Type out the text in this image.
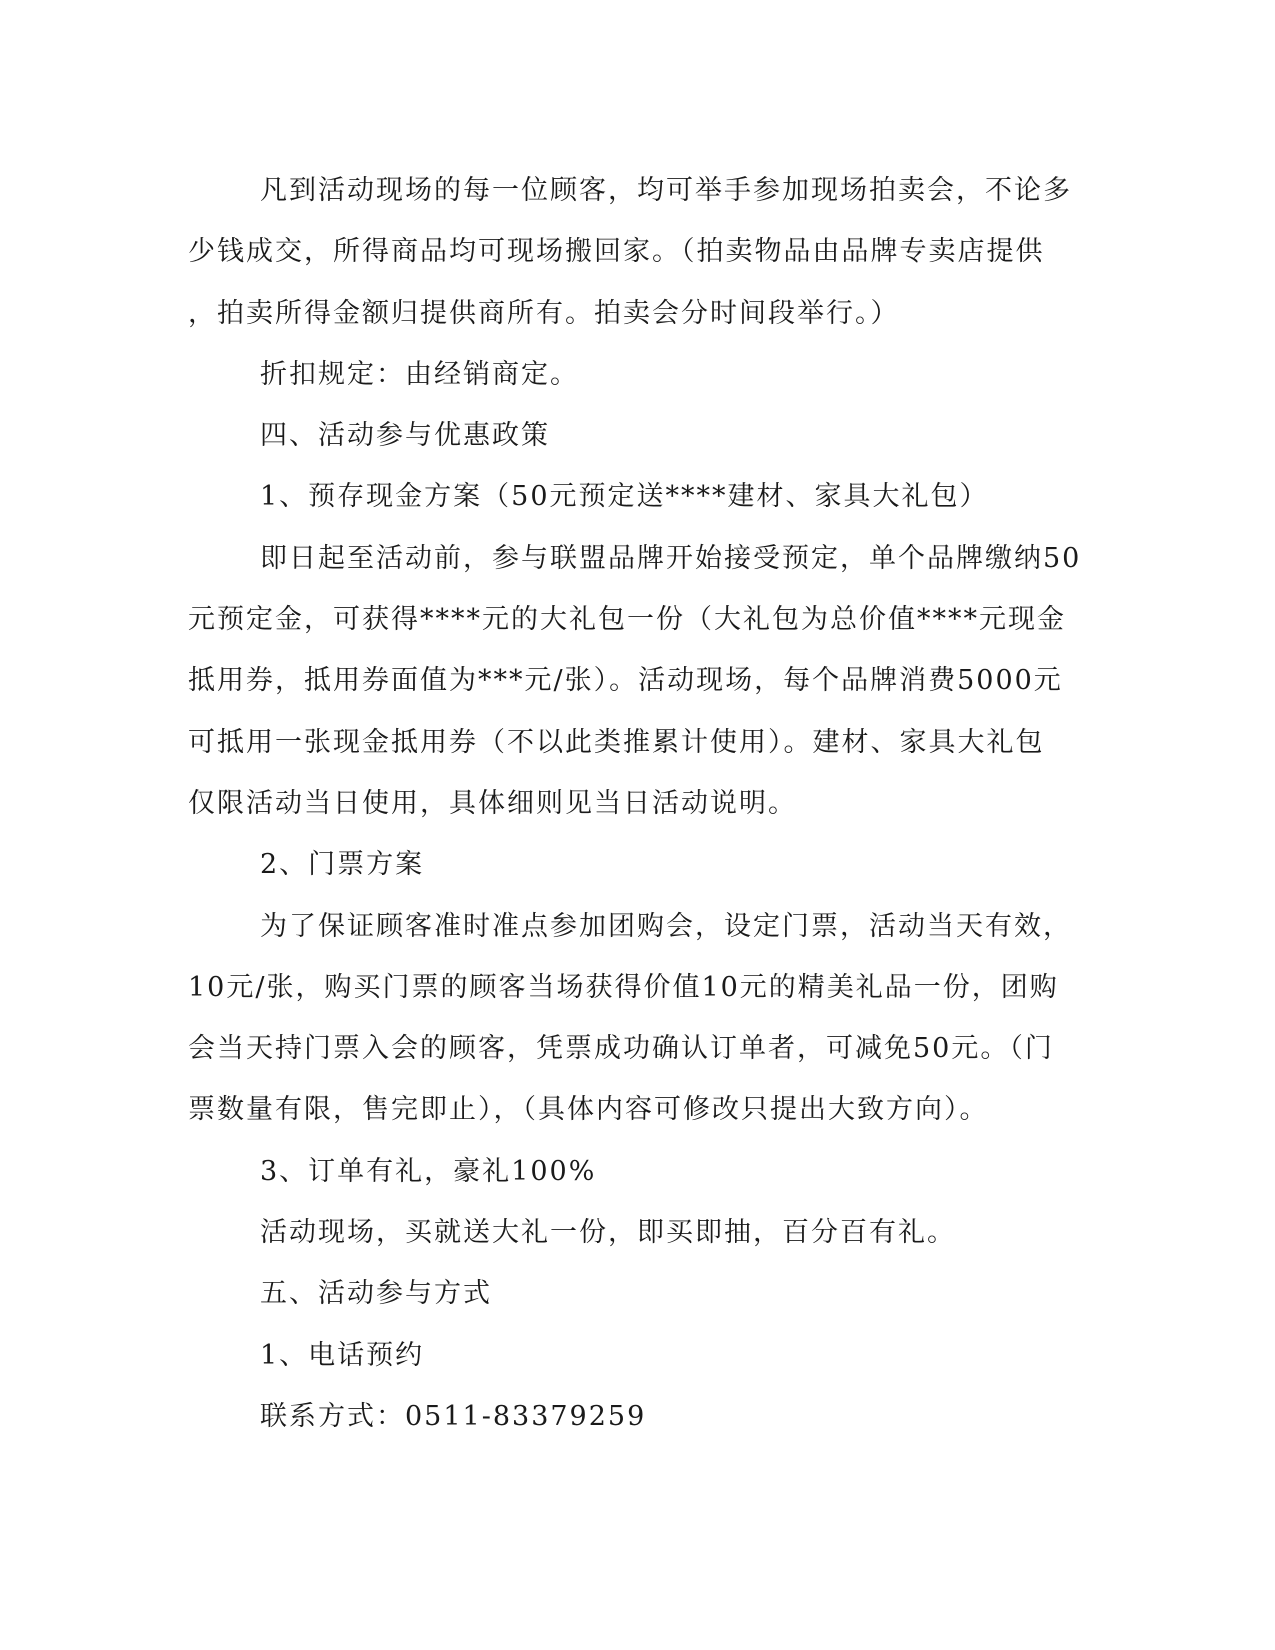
凡到活动现场的每一位顾客，均可举手参加现场拍卖会，不论多
少钱成交，所得商品均可现场搬回家。（拍卖物品由品牌专卖店提供
，拍卖所得金额归提供商所有。拍卖会分时间段举行。）
折扣规定：由经销商定。
四、活动参与优惠政策
1、预存现金方案（50元预定送****建材、家具大礼包）
即日起至活动前，参与联盟品牌开始接受预定，单个品牌缴纳50
元预定金，可获得****元的大礼包一份（大礼包为总价值****元现金
抵用券，抵用券面值为***元/张）。活动现场，每个品牌消费5000元
可抵用一张现金抵用券（不以此类推累计使用）。建材、家具大礼包
仅限活动当日使用，具体细则见当日活动说明。
2、门票方案
为了保证顾客准时准点参加团购会，设定门票，活动当天有效，
10元/张，购买门票的顾客当场获得价值10元的精美礼品一份，团购
会当天持门票入会的顾客，凭票成功确认订单者，可减免50元。（门
票数量有限，售完即止），（具体内容可修改只提出大致方向）。
3、订单有礼，豪礼100%
活动现场，买就送大礼一份，即买即抽，百分百有礼。
五、活动参与方式
1、电话预约
联系方式：0511-83379259
